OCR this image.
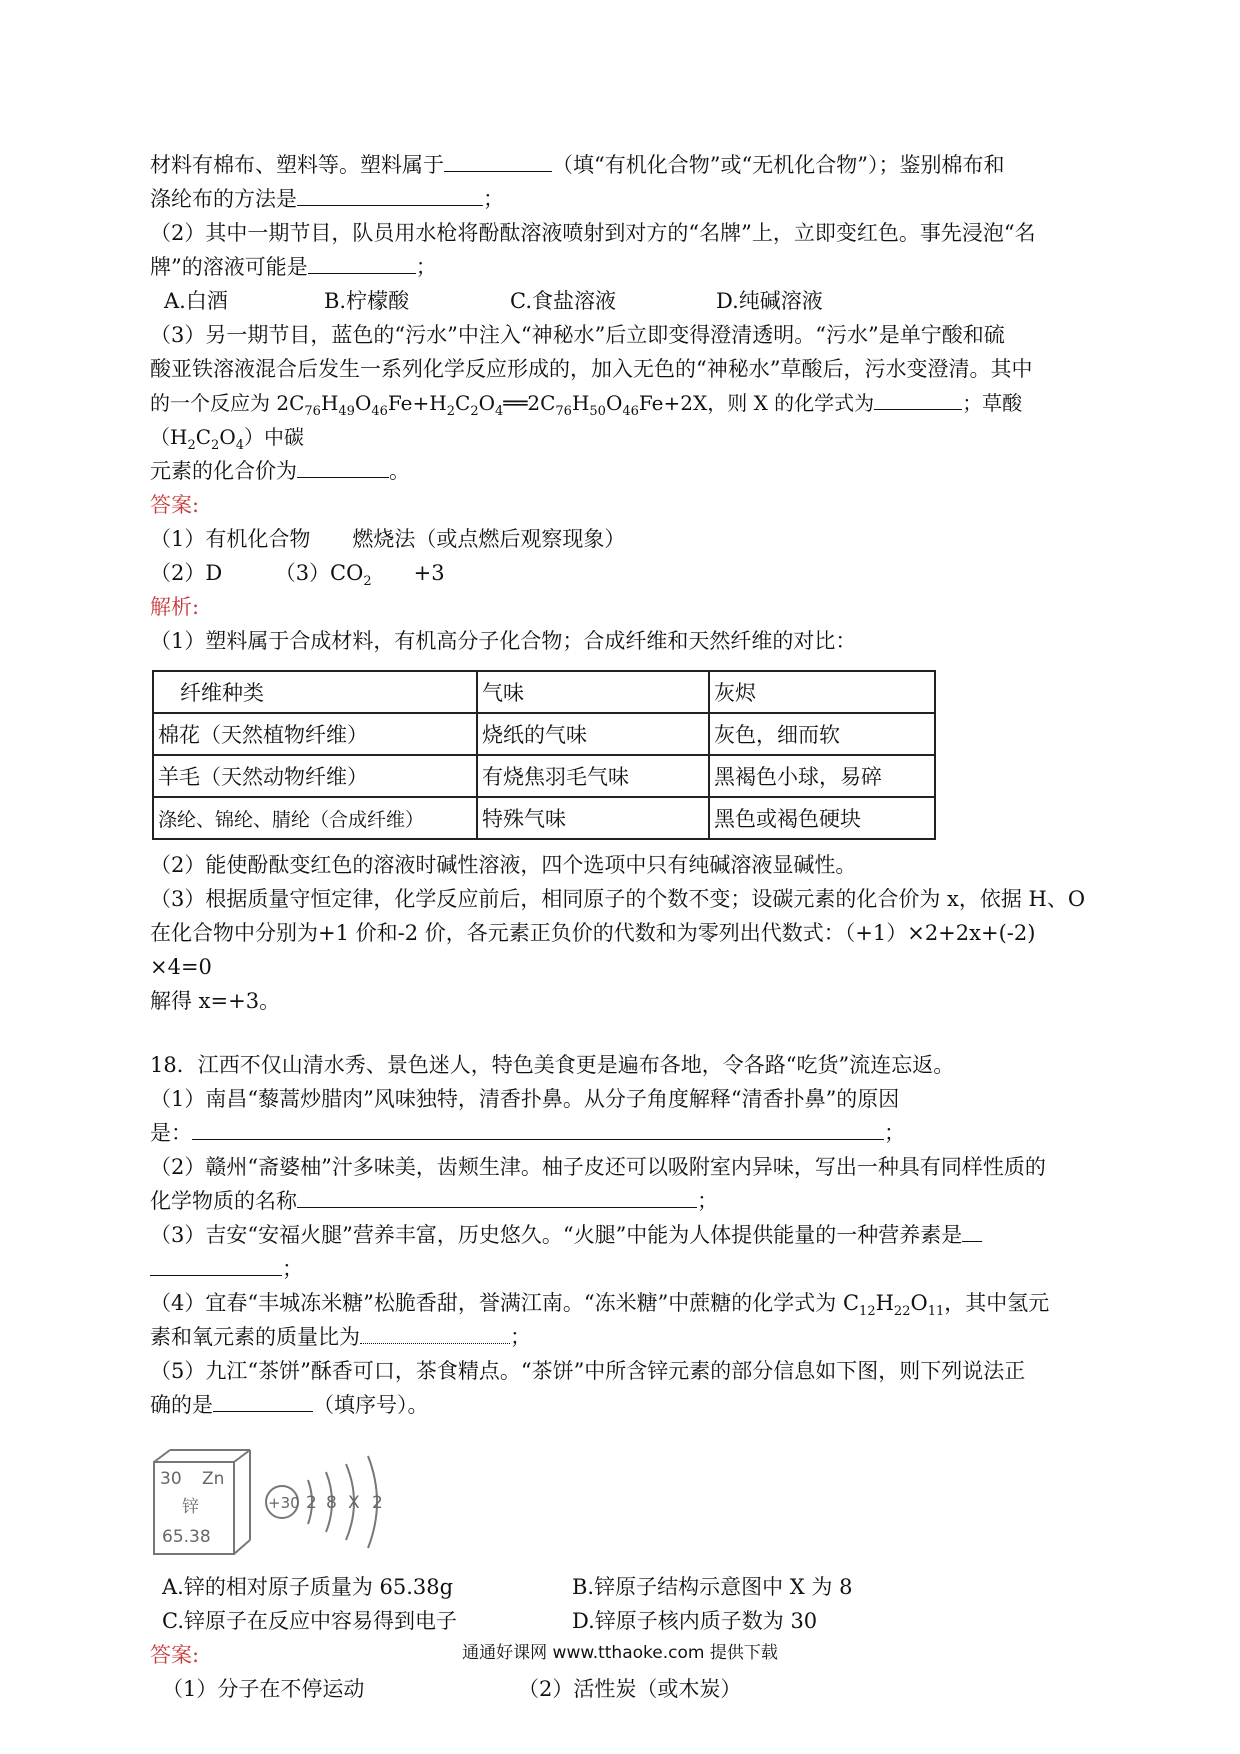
材料有棉布、塑料等。塑料属于	（填“有机化合物”或“无机化合物”）；鉴别棉布和

涤纶布的方法是	；

（2）其中一期节目，队员用水枪将酚酞溶液喷射到对方的“名牌”上，立即变红色。事先浸泡“名

牌”的溶液可能是	；

A.白酒	B.柠檬酸	C.食盐溶液	D.纯碱溶液

（3）另一期节目，蓝色的“污水”中注入“神秘水”后立即变得澄清透明。“污水”是单宁酸和硫

酸亚铁溶液混合后发生一系列化学反应形成的，加入无色的“神秘水”草酸后，污水变澄清。其中

的一个反应为 $2C_{76}H_{49}O_{46}Fe+H_2C_2O_4══2C_{76}H_{50}O_{46}Fe+2X$，则 X 的化学式为	；草酸$(H_2C_2O_4)$中碳

元素的化合价为	。

答案:

（1）有机化合物　　燃烧法（或点燃后观察现象）

（2）D　　　$(3)CO_2$　　+3

解析:

（1）塑料属于合成材料，有机高分子化合物；合成纤维和天然纤维的对比：

纤维种类	气味	灰烬
棉花（天然植物纤维）	烧纸的气味	灰色，细而软
羊毛（天然动物纤维）	有烧焦羽毛气味	黑褐色小球，易碎
涤纶、锦纶、腈纶（合成纤维）	特殊气味	黑色或褐色硬块

（2）能使酚酞变红色的溶液时碱性溶液，四个选项中只有纯碱溶液显碱性。

（3）根据质量守恒定律，化学反应前后，相同原子的个数不变；设碳元素的化合价为 x，依据 H、O

在化合物中分别为+1 价和-2 价，各元素正负价的代数和为零列出代数式：（+1）×2+2x+(-2) ×4=0

解得 x=+3。

18．江西不仅山清水秀、景色迷人，特色美食更是遍布各地，令各路“吃货”流连忘返。

（1）南昌“藜蒿炒腊肉”风味独特，清香扑鼻。从分子角度解释“清香扑鼻”的原因

是：	；

（2）赣州“斋婆柚”汁多味美，齿颊生津。柚子皮还可以吸附室内异味，写出一种具有同样性质的

化学物质的名称	；

（3）吉安“安福火腿”营养丰富，历史悠久。“火腿”中能为人体提供能量的一种营养素是

；

（4）宜春“丰城冻米糖”松脆香甜，誉满江南。“冻米糖”中蔗糖的化学式为 $C_{12}H_{22}O_{11}$，其中氢元

素和氧元素的质量比为	；

（5）九江“茶饼”酥香可口，茶食精点。“茶饼”中所含锌元素的部分信息如下图，则下列说法正

确的是	（填序号）。

30 Zn
锌
65.38
+30 2 8 X 2

A.锌的相对原子质量为 65.38g	B.锌原子结构示意图中 X 为 8

C.锌原子在反应中容易得到电子	D.锌原子核内质子数为 30

答案:

（1）分子在不停运动	（2）活性炭（或木炭）

通通好课网 www.tthaoke.com 提供下载
